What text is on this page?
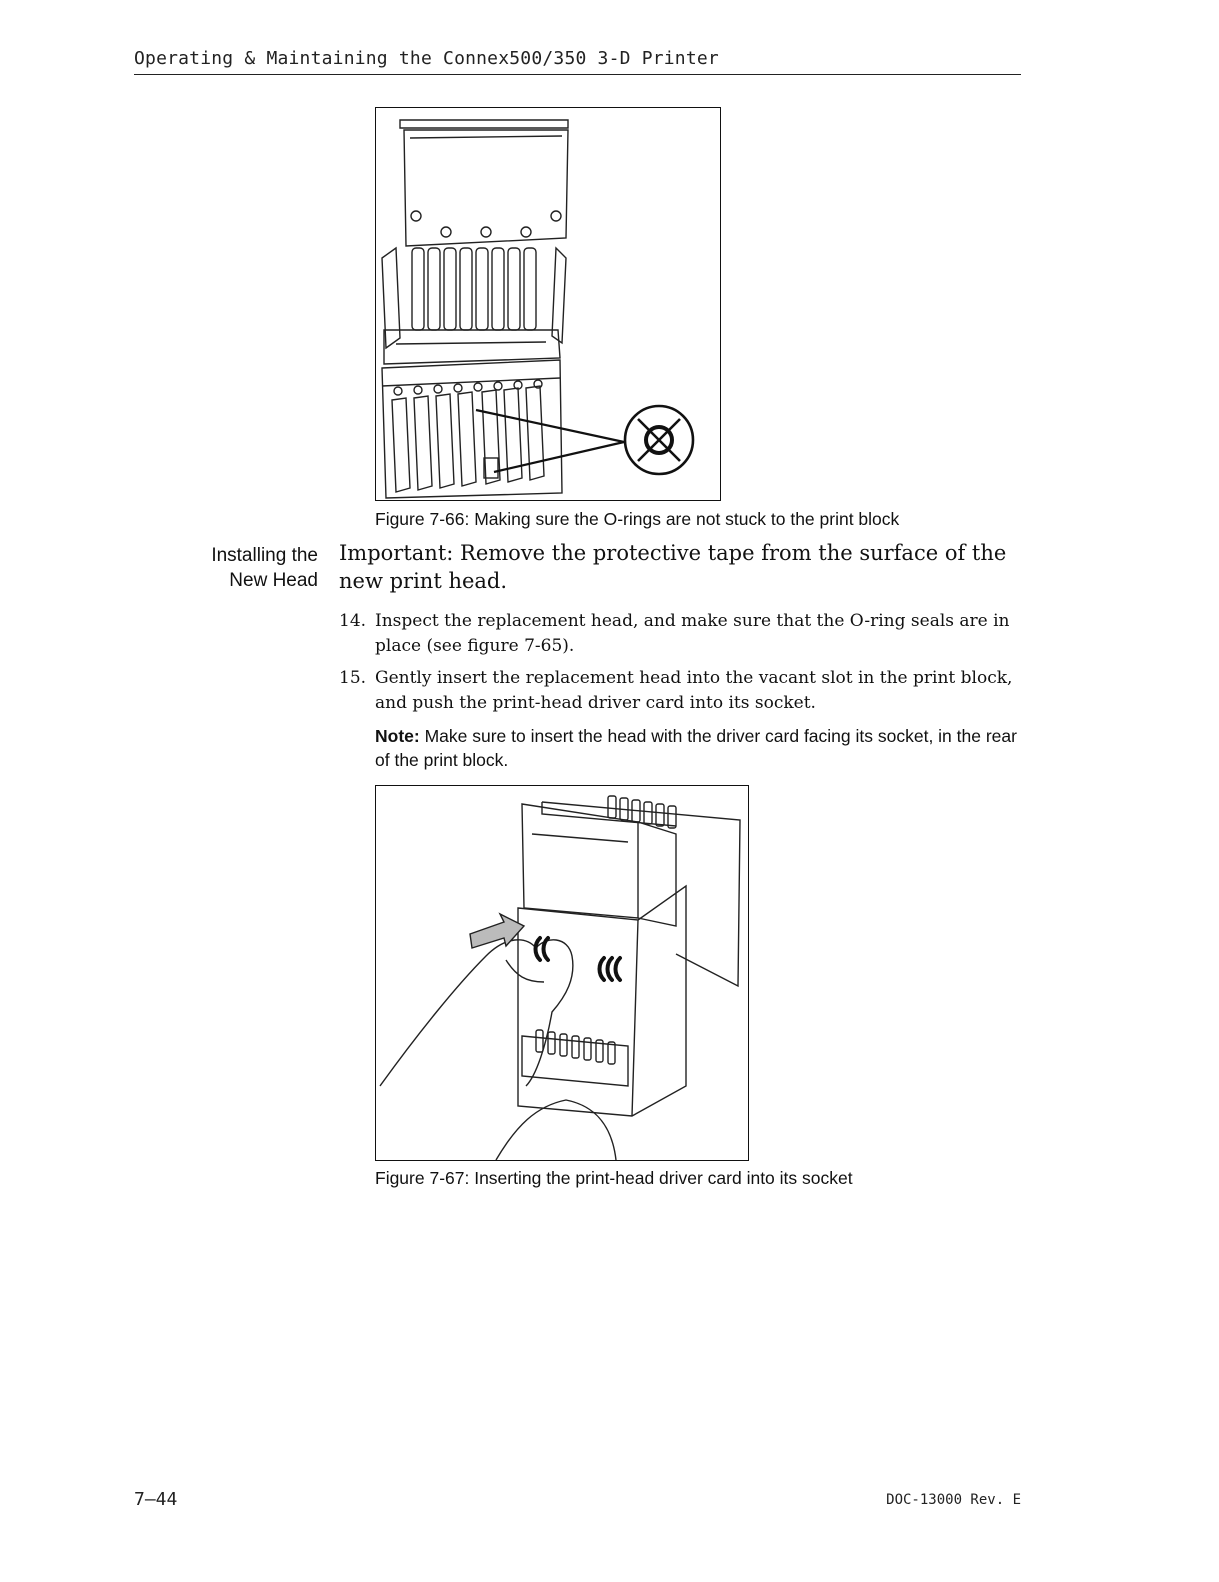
Operating & Maintaining the Connex500/350 3-D Printer
Figure 7-66: Making sure the O-rings are not stuck to the print block
Installing the
New Head
Important: Remove the protective tape from the surface of the new print head.
14. Inspect the replacement head, and make sure that the O-ring seals are in place (see figure 7-65).
15. Gently insert the replacement head into the vacant slot in the print block, and push the print-head driver card into its socket.
Note: Make sure to insert the head with the driver card facing its socket, in the rear of the print block.
Figure 7-67: Inserting the print-head driver card into its socket
7–44	DOC-13000 Rev. E
